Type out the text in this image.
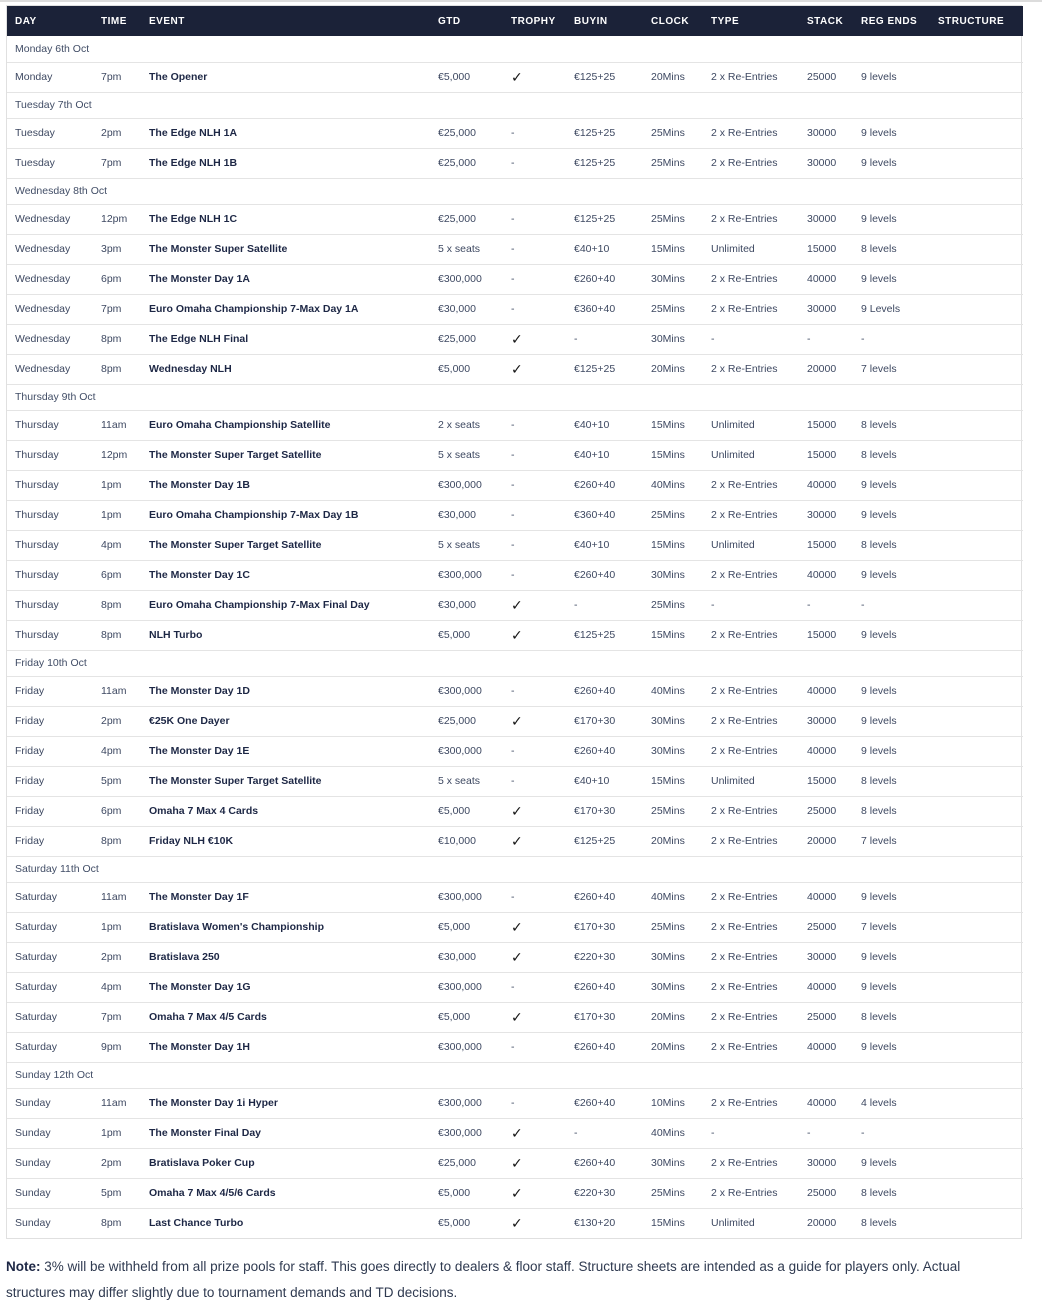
DAY	TIME	EVENT	GTD	TROPHY	BUYIN	CLOCK	TYPE	STACK	REG ENDS	STRUCTURE
Monday 6th Oct										
Monday	7pm	The Opener	€5,000	✓	€125+25	20Mins	2 x Re-Entries	25000	9 levels	
Tuesday 7th Oct										
Tuesday	2pm	The Edge NLH 1A	€25,000	-	€125+25	25Mins	2 x Re-Entries	30000	9 levels	
Tuesday	7pm	The Edge NLH 1B	€25,000	-	€125+25	25Mins	2 x Re-Entries	30000	9 levels	
Wednesday 8th Oct										
Wednesday	12pm	The Edge NLH 1C	€25,000	-	€125+25	25Mins	2 x Re-Entries	30000	9 levels	
Wednesday	3pm	The Monster Super Satellite	5 x seats	-	€40+10	15Mins	Unlimited	15000	8 levels	
Wednesday	6pm	The Monster Day 1A	€300,000	-	€260+40	30Mins	2 x Re-Entries	40000	9 levels	
Wednesday	7pm	Euro Omaha Championship 7-Max Day 1A	€30,000	-	€360+40	25Mins	2 x Re-Entries	30000	9 Levels	
Wednesday	8pm	The Edge NLH Final	€25,000	✓	-	30Mins	-	-	-	
Wednesday	8pm	Wednesday NLH	€5,000	✓	€125+25	20Mins	2 x Re-Entries	20000	7 levels	
Thursday 9th Oct										
Thursday	11am	Euro Omaha Championship Satellite	2 x seats	-	€40+10	15Mins	Unlimited	15000	8 levels	
Thursday	12pm	The Monster Super Target Satellite	5 x seats	-	€40+10	15Mins	Unlimited	15000	8 levels	
Thursday	1pm	The Monster Day 1B	€300,000	-	€260+40	40Mins	2 x Re-Entries	40000	9 levels	
Thursday	1pm	Euro Omaha Championship 7-Max Day 1B	€30,000	-	€360+40	25Mins	2 x Re-Entries	30000	9 levels	
Thursday	4pm	The Monster Super Target Satellite	5 x seats	-	€40+10	15Mins	Unlimited	15000	8 levels	
Thursday	6pm	The Monster Day 1C	€300,000	-	€260+40	30Mins	2 x Re-Entries	40000	9 levels	
Thursday	8pm	Euro Omaha Championship 7-Max Final Day	€30,000	✓	-	25Mins	-	-	-	
Thursday	8pm	NLH Turbo	€5,000	✓	€125+25	15Mins	2 x Re-Entries	15000	9 levels	
Friday 10th Oct										
Friday	11am	The Monster Day 1D	€300,000	-	€260+40	40Mins	2 x Re-Entries	40000	9 levels	
Friday	2pm	€25K One Dayer	€25,000	✓	€170+30	30Mins	2 x Re-Entries	30000	9 levels	
Friday	4pm	The Monster Day 1E	€300,000	-	€260+40	30Mins	2 x Re-Entries	40000	9 levels	
Friday	5pm	The Monster Super Target Satellite	5 x seats	-	€40+10	15Mins	Unlimited	15000	8 levels	
Friday	6pm	Omaha 7 Max 4 Cards	€5,000	✓	€170+30	25Mins	2 x Re-Entries	25000	8 levels	
Friday	8pm	Friday NLH €10K	€10,000	✓	€125+25	20Mins	2 x Re-Entries	20000	7 levels	
Saturday 11th Oct										
Saturday	11am	The Monster Day 1F	€300,000	-	€260+40	40Mins	2 x Re-Entries	40000	9 levels	
Saturday	1pm	Bratislava Women's Championship	€5,000	✓	€170+30	25Mins	2 x Re-Entries	25000	7 levels	
Saturday	2pm	Bratislava 250	€30,000	✓	€220+30	30Mins	2 x Re-Entries	30000	9 levels	
Saturday	4pm	The Monster Day 1G	€300,000	-	€260+40	30Mins	2 x Re-Entries	40000	9 levels	
Saturday	7pm	Omaha 7 Max 4/5 Cards	€5,000	✓	€170+30	20Mins	2 x Re-Entries	25000	8 levels	
Saturday	9pm	The Monster Day 1H	€300,000	-	€260+40	20Mins	2 x Re-Entries	40000	9 levels	
Sunday 12th Oct										
Sunday	11am	The Monster Day 1i Hyper	€300,000	-	€260+40	10Mins	2 x Re-Entries	40000	4 levels	
Sunday	1pm	The Monster Final Day	€300,000	✓	-	40Mins	-	-	-	
Sunday	2pm	Bratislava Poker Cup	€25,000	✓	€260+40	30Mins	2 x Re-Entries	30000	9 levels	
Sunday	5pm	Omaha 7 Max 4/5/6 Cards	€5,000	✓	€220+30	25Mins	2 x Re-Entries	25000	8 levels	
Sunday	8pm	Last Chance Turbo	€5,000	✓	€130+20	15Mins	Unlimited	20000	8 levels	

Note: 3% will be withheld from all prize pools for staff. This goes directly to dealers & floor staff. Structure sheets are intended as a guide for players only. Actual structures may differ slightly due to tournament demands and TD decisions.
